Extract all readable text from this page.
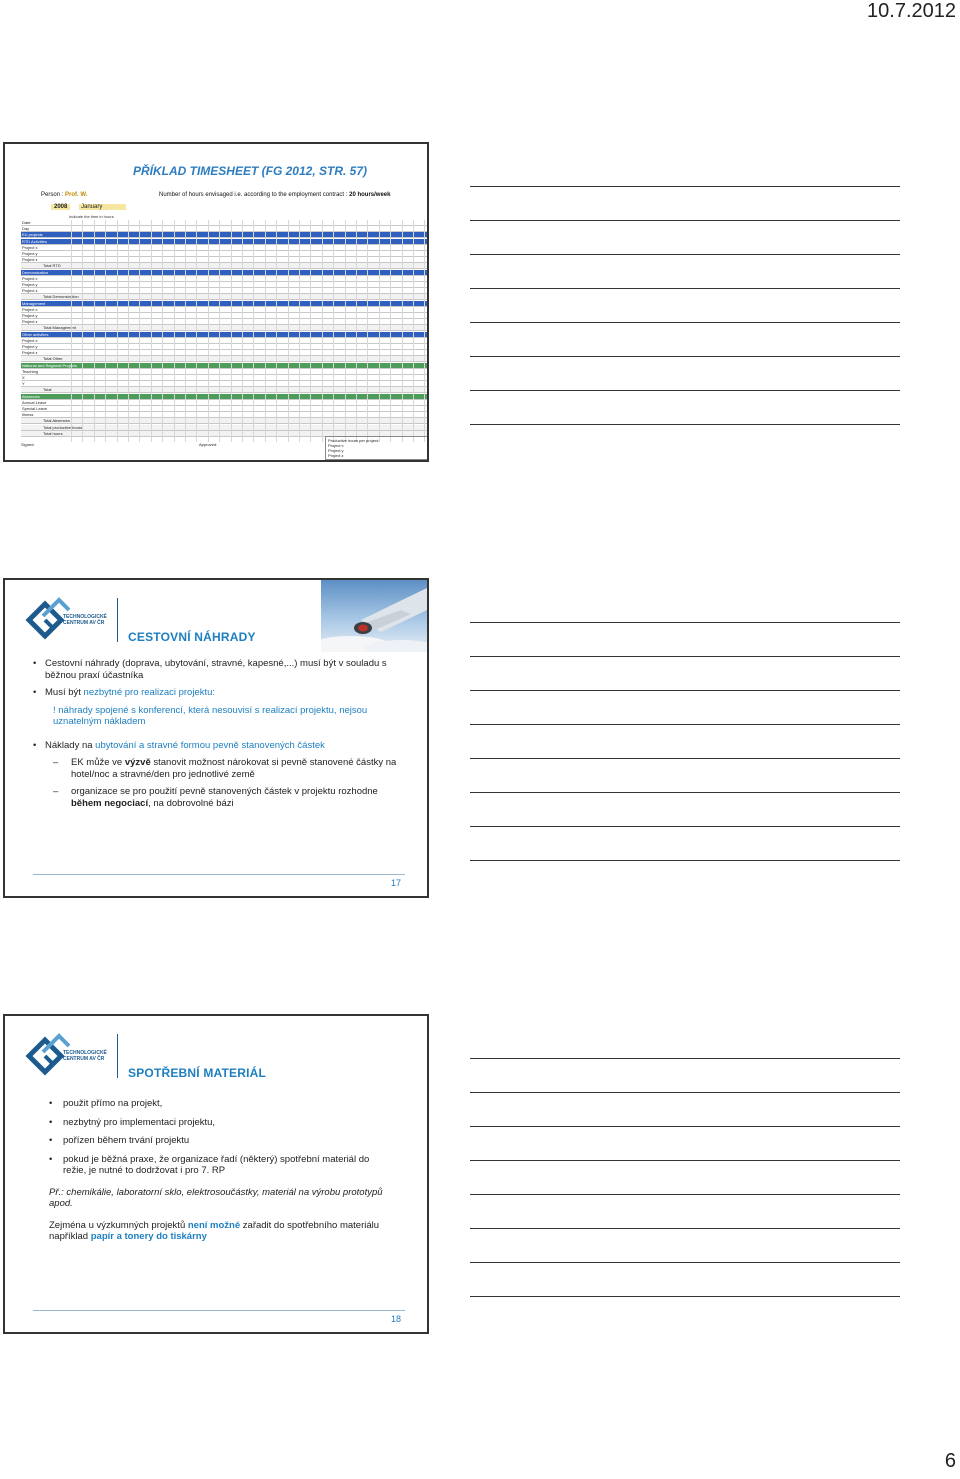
10.7.2012
PŘÍKLAD TIMESHEET (FG 2012, STR. 57)
Person : Prof. W.	Number of hours envisaged i.e. according to the employment contract : 20 hours/week
2008	January
Indicate the time in hours
Date
Day
EU projects
RTD Activities
Project x
Project y
Project z
Total RTD
Demonstration
Project x
Project y
Project z
Total Demonstration
Management
Project x
Project y
Project z
Total Management
Other activities
Project x
Project y
Project z
Total Other
National and Regional Projects
Teaching
X
Y
Total
Absences
Annual Leave
Special Leave
Illness
Total Absences
Total productive hours
Total hours
Signed:	Approved:
Productive hours per project:
Project x
Project y
Project z
TECHNOLOGICKÉ
CENTRUM AV ČR
CESTOVNÍ NÁHRADY
• Cestovní náhrady (doprava, ubytování, stravné, kapesné,...) musí být v souladu s běžnou praxí účastníka
• Musí být nezbytné pro realizaci projektu:
! náhrady spojené s konferencí, která nesouvisí s realizací projektu, nejsou uznatelným nákladem
• Náklady na ubytování a stravné formou pevně stanovených částek
– EK může ve výzvě stanovit možnost nárokovat si pevně stanovené částky na hotel/noc a stravné/den pro jednotlivé země
– organizace se pro použití pevně stanovených částek v projektu rozhodne během negociací, na dobrovolné bázi
17
TECHNOLOGICKÉ
CENTRUM AV ČR
SPOTŘEBNÍ MATERIÁL
• použit přímo na projekt,
• nezbytný pro implementaci projektu,
• pořízen během trvání projektu
• pokud je běžná praxe, že organizace řadí (některý) spotřební materiál do režie, je nutné to dodržovat i pro 7. RP
Př.: chemikálie, laboratorní sklo, elektrosoučástky, materiál na výrobu prototypů apod.
Zejména u výzkumných projektů není možné zařadit do spotřebního materiálu například papír a tonery do tiskárny
18
6
